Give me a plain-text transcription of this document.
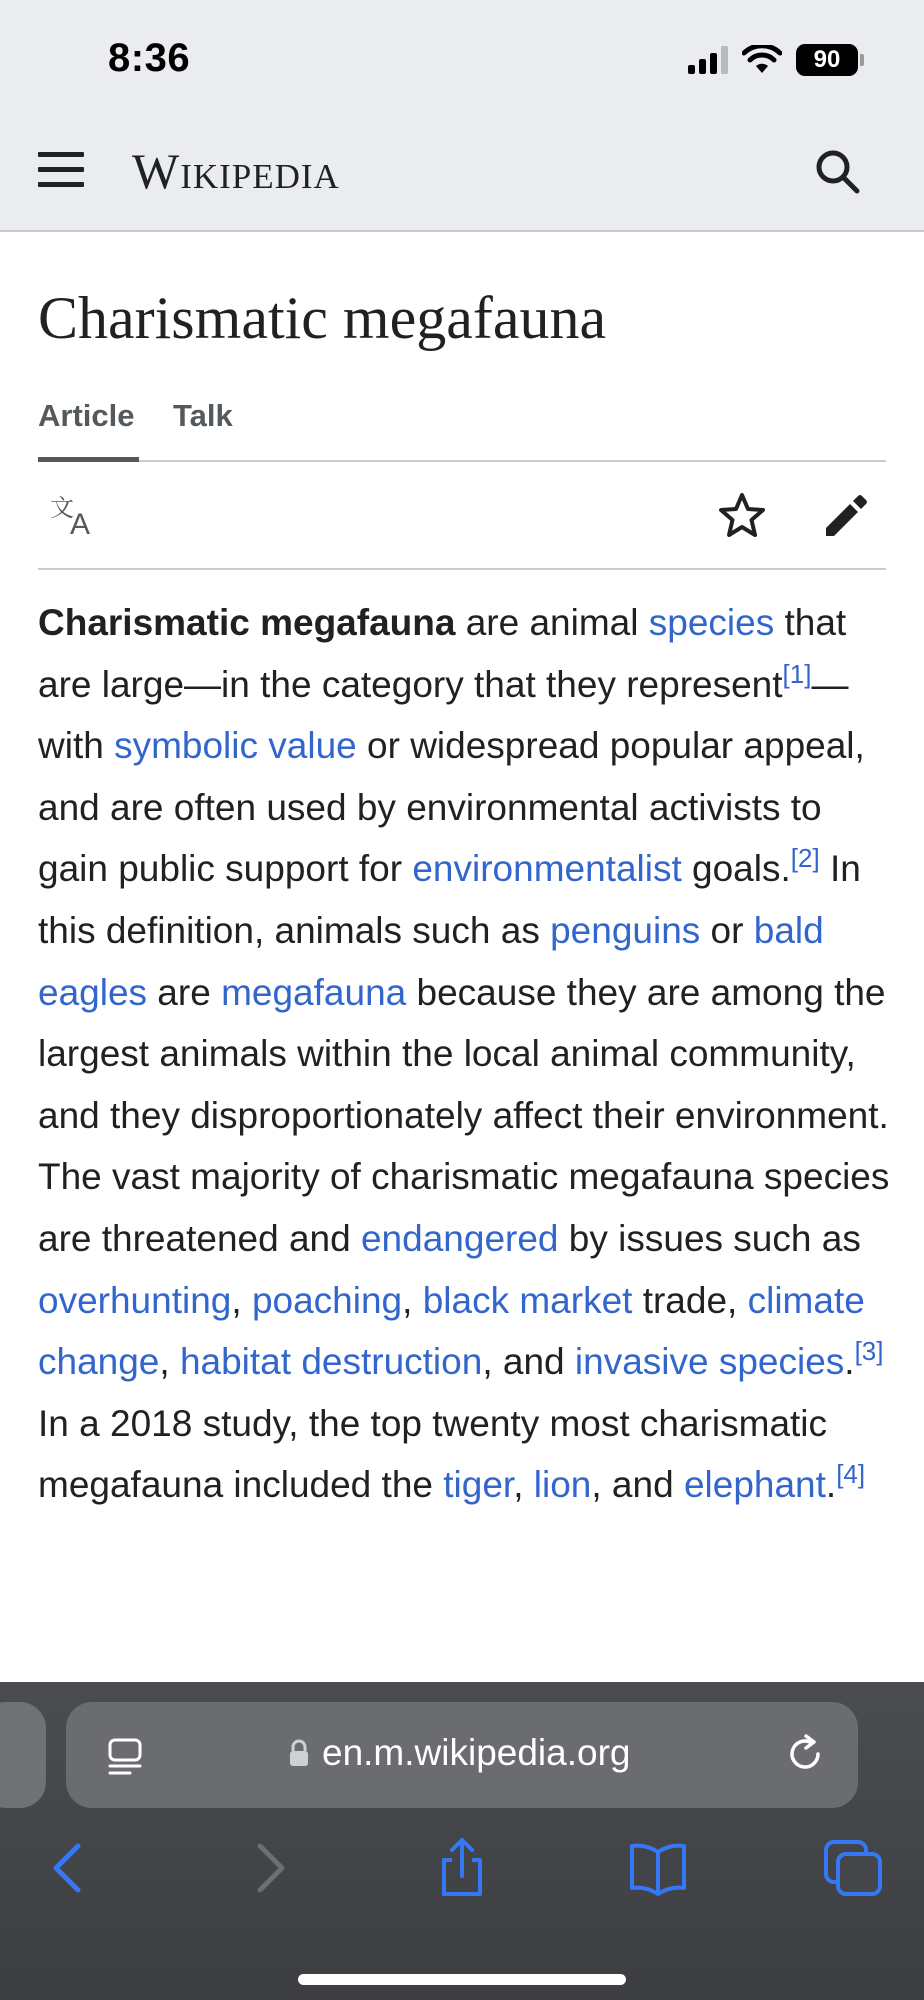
8:36	90
Wikipedia
Charismatic megafauna
Article Talk
文
A
Charismatic megafauna are animal species that are large—in the category that they represent[1]—with symbolic value or widespread popular appeal, and are often used by environmental activists to gain public support for environmentalist goals.[2] In this definition, animals such as penguins or bald eagles are megafauna because they are among the largest animals within the local animal community, and they disproportionately affect their environment. The vast majority of charismatic megafauna species are threatened and endangered by issues such as overhunting, poaching, black market trade, climate change, habitat destruction, and invasive species.[3] In a 2018 study, the top twenty most charismatic megafauna included the tiger, lion, and elephant.[4]
en.m.wikipedia.org
